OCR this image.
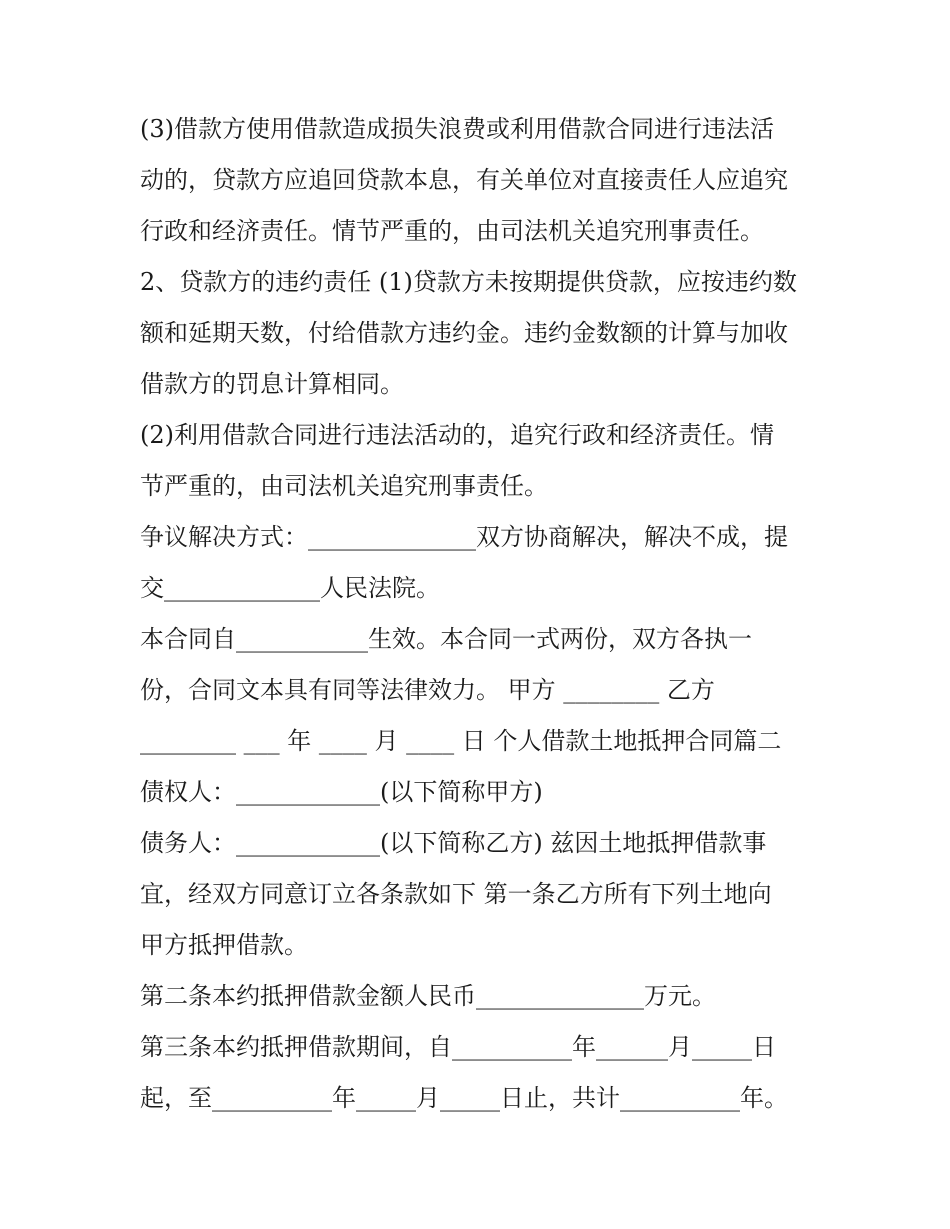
(3)借款方使用借款造成损失浪费或利用借款合同进行违法活
动的，贷款方应追回贷款本息，有关单位对直接责任人应追究
行政和经济责任。情节严重的，由司法机关追究刑事责任。
2、贷款方的违约责任 (1)贷款方未按期提供贷款，应按违约数
额和延期天数，付给借款方违约金。违约金数额的计算与加收
借款方的罚息计算相同。
(2)利用借款合同进行违法活动的，追究行政和经济责任。情
节严重的，由司法机关追究刑事责任。
争议解决方式：______________双方协商解决，解决不成，提
交_____________人民法院。
本合同自___________生效。本合同一式两份，双方各执一
份，合同文本具有同等法律效力。 甲方 ________ 乙方
________ ___ 年 ____ 月 ____ 日 个人借款土地抵押合同篇二
债权人：____________(以下简称甲方)
债务人：____________(以下简称乙方) 兹因土地抵押借款事
宜，经双方同意订立各条款如下 第一条乙方所有下列土地向
甲方抵押借款。
第二条本约抵押借款金额人民币______________万元。
第三条本约抵押借款期间，自__________年______月_____日
起，至__________年_____月_____日止，共计__________年。
